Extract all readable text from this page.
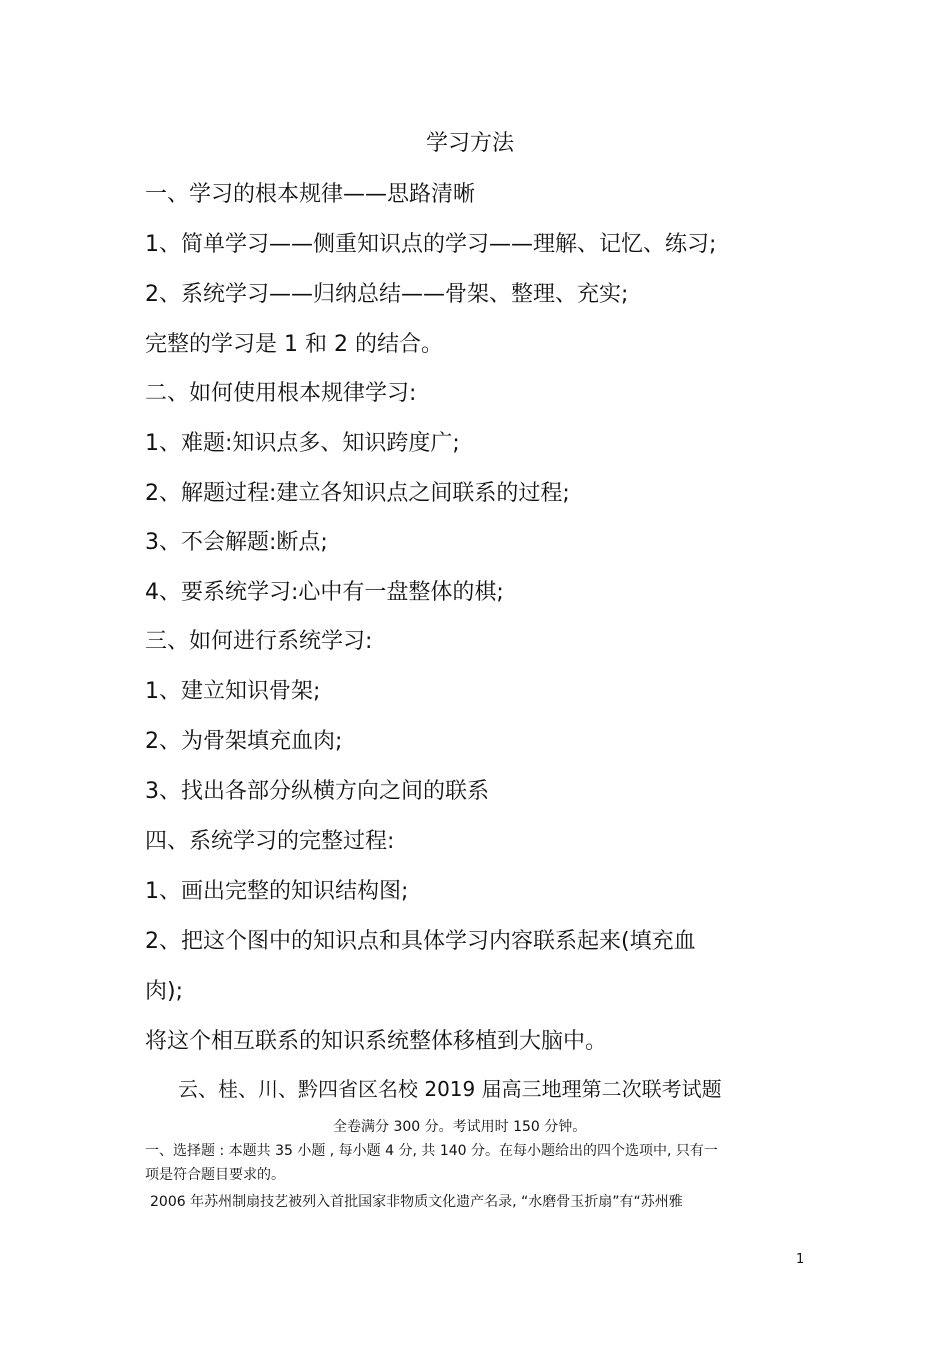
学习方法
一、学习的根本规律——思路清晰
1、简单学习——侧重知识点的学习——理解、记忆、练习;
2、系统学习——归纳总结——骨架、整理、充实;
完整的学习是 1 和 2 的结合。
二、如何使用根本规律学习:
1、难题:知识点多、知识跨度广;
2、解题过程:建立各知识点之间联系的过程;
3、不会解题:断点;
4、要系统学习:心中有一盘整体的棋;
三、如何进行系统学习:
1、建立知识骨架;
2、为骨架填充血肉;
3、找出各部分纵横方向之间的联系
四、系统学习的完整过程:
1、画出完整的知识结构图;
2、把这个图中的知识点和具体学习内容联系起来(填充血
肉);
将这个相互联系的知识系统整体移植到大脑中。
云、桂、川、黔四省区名校 2019 届高三地理第二次联考试题
全卷满分 300 分。考试用时 150 分钟。
一、选择题 : 本题共 35 小题 , 每小题 4 分, 共 140 分。在每小题给出的四个选项中, 只有一
项是符合题目要求的。
2006 年苏州制扇技艺被列入首批国家非物质文化遗产名录, “水磨骨玉折扇”有“苏州雅
1
